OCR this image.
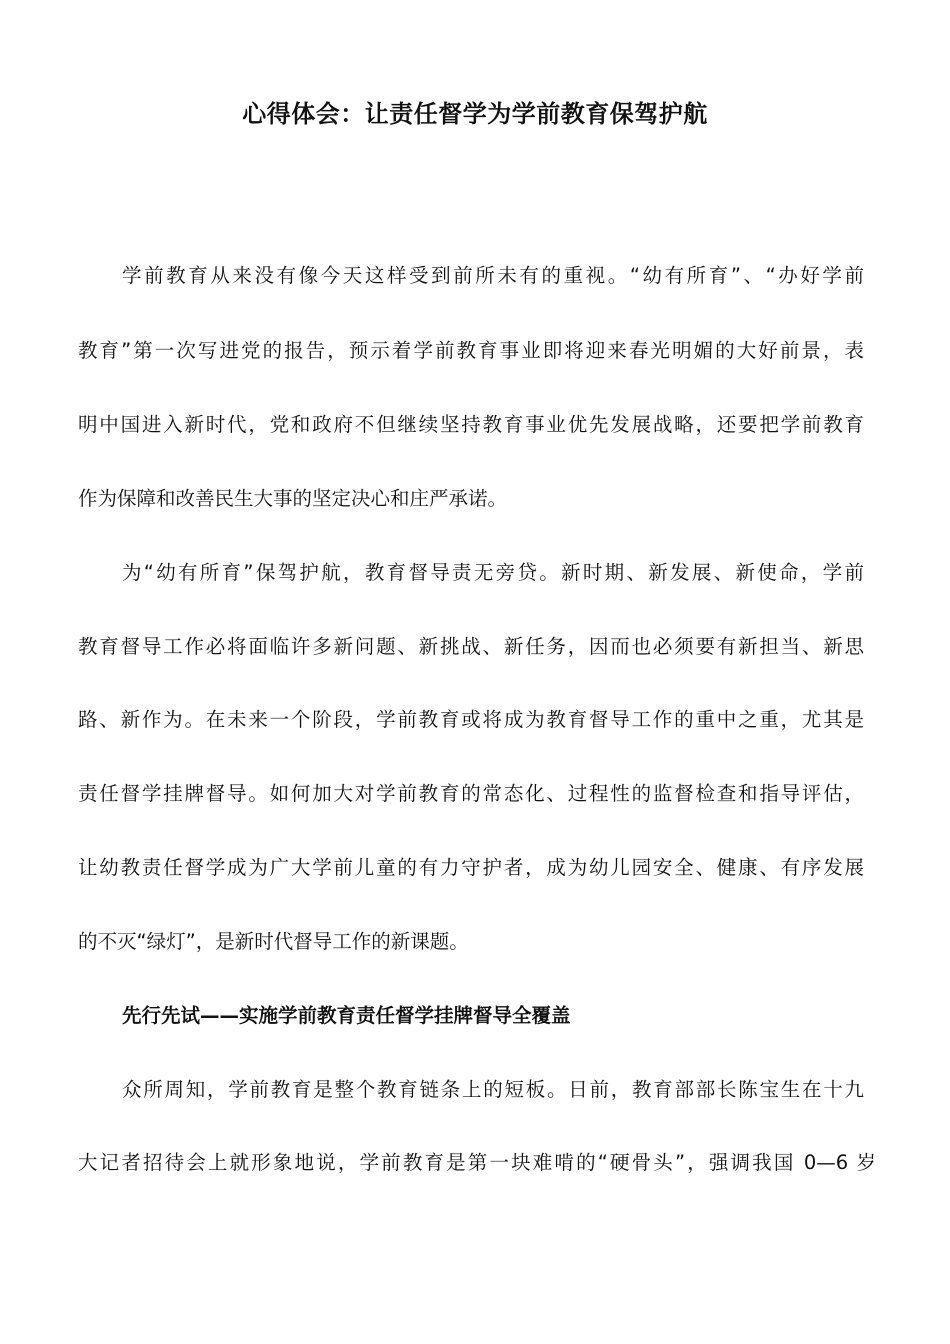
心得体会：让责任督学为学前教育保驾护航

学前教育从来没有像今天这样受到前所未有的重视。“幼有所育”、“办好学前

教育”第一次写进党的报告，预示着学前教育事业即将迎来春光明媚的大好前景，表

明中国进入新时代，党和政府不但继续坚持教育事业优先发展战略，还要把学前教育

作为保障和改善民生大事的坚定决心和庄严承诺。

为“幼有所育”保驾护航，教育督导责无旁贷。新时期、新发展、新使命，学前

教育督导工作必将面临许多新问题、新挑战、新任务，因而也必须要有新担当、新思

路、新作为。在未来一个阶段，学前教育或将成为教育督导工作的重中之重，尤其是

责任督学挂牌督导。如何加大对学前教育的常态化、过程性的监督检查和指导评估，

让幼教责任督学成为广大学前儿童的有力守护者，成为幼儿园安全、健康、有序发展

的不灭“绿灯”，是新时代督导工作的新课题。

先行先试——实施学前教育责任督学挂牌督导全覆盖

众所周知，学前教育是整个教育链条上的短板。日前，教育部部长陈宝生在十九

大记者招待会上就形象地说，学前教育是第一块难啃的“硬骨头”，强调我国 0—6 岁
